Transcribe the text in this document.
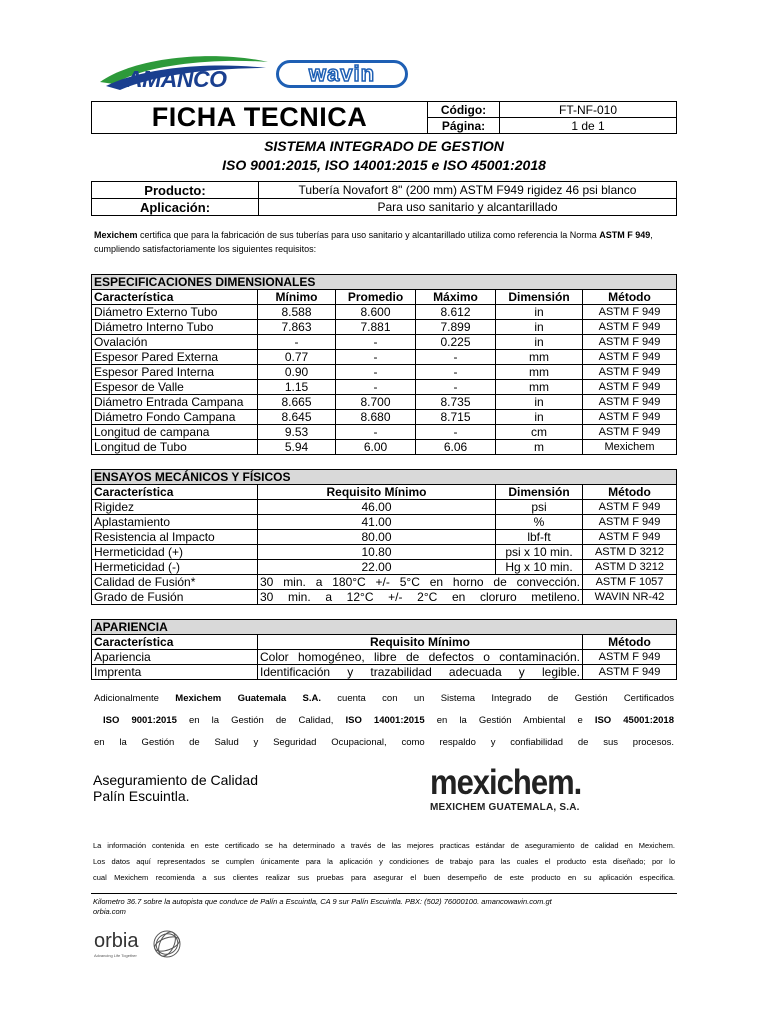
AMANCO	wavin
FICHA TECNICA	Código:	FT-NF-010
	Página:	1 de 1
SISTEMA INTEGRADO DE GESTION
ISO 9001:2015, ISO 14001:2015 e ISO 45001:2018
Producto:	Tubería Novafort 8" (200 mm) ASTM F949 rigidez 46 psi blanco
Aplicación:	Para uso sanitario y alcantarillado
Mexichem certifica que para la fabricación de sus tuberías para uso sanitario y alcantarillado utiliza como referencia la Norma ASTM F 949, cumpliendo satisfactoriamente los siguientes requisitos:
ESPECIFICACIONES DIMENSIONALES					
Característica	Mínimo	Promedio	Máximo	Dimensión	Método
Diámetro Externo Tubo	8.588	8.600	8.612	in	ASTM F 949
Diámetro Interno Tubo	7.863	7.881	7.899	in	ASTM F 949
Ovalación	-	-	0.225	in	ASTM F 949
Espesor Pared Externa	0.77	-	-	mm	ASTM F 949
Espesor Pared Interna	0.90	-	-	mm	ASTM F 949
Espesor de Valle	1.15	-	-	mm	ASTM F 949
Diámetro Entrada Campana	8.665	8.700	8.735	in	ASTM F 949
Diámetro Fondo Campana	8.645	8.680	8.715	in	ASTM F 949
Longitud de campana	9.53	-	-	cm	ASTM F 949
Longitud de Tubo	5.94	6.00	6.06	m	Mexichem
ENSAYOS MECÁNICOS Y FÍSICOS			
Característica	Requisito Mínimo	Dimensión	Método
Rigidez	46.00	psi	ASTM F 949
Aplastamiento	41.00	%	ASTM F 949
Resistencia al Impacto	80.00	lbf-ft	ASTM F 949
Hermeticidad (+)	10.80	psi x 10 min.	ASTM D 3212
Hermeticidad (-)	22.00	Hg x 10 min.	ASTM D 3212
Calidad de Fusión*	30 min. a 180°C +/- 5°C en horno de convección.		ASTM F 1057
Grado de Fusión	30 min. a 12°C +/- 2°C en cloruro metileno.		WAVIN NR-42
APARIENCIA		
Característica	Requisito Mínimo	Método
Apariencia	Color homogéneo, libre de defectos o contaminación.	ASTM F 949
Imprenta	Identificación y trazabilidad adecuada y legible.	ASTM F 949
Adicionalmente Mexichem Guatemala S.A. cuenta con un Sistema Integrado de Gestión Certificados
ISO 9001:2015 en la Gestión de Calidad, ISO 14001:2015 en la Gestión Ambiental e ISO 45001:2018
en la Gestión de Salud y Seguridad Ocupacional, como respaldo y confiabilidad de sus procesos.
Aseguramiento de Calidad
Palín Escuintla.	mexichem.
MEXICHEM GUATEMALA, S.A.
La información contenida en este certificado se ha determinado a través de las mejores practicas estándar de aseguramiento de calidad en Mexichem.
Los datos aquí representados se cumplen únicamente para la aplicación y condiciones de trabajo para las cuales el producto esta diseñado; por lo
cual Mexichem recomienda a sus clientes realizar sus pruebas para asegurar el buen desempeño de este producto en su aplicación especifica.
Kilometro 36.7 sobre la autopista que conduce de Palín a Escuintla, CA 9 sur Palín Escuintla. PBX: (502) 76000100. amancowavin.com.gt
orbia.com
orbia
Advancing Life Together
